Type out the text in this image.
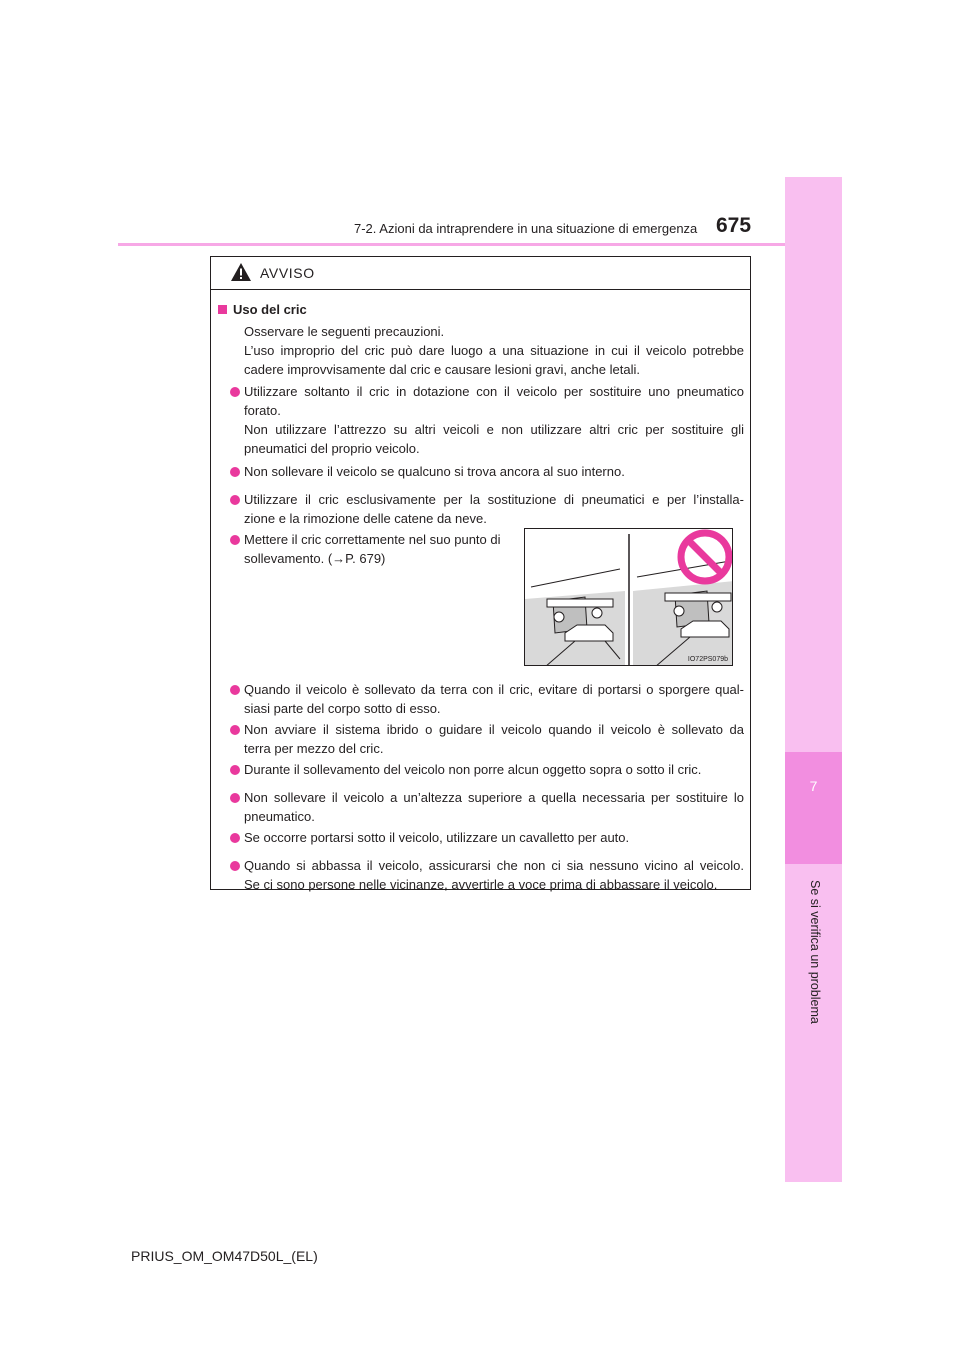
7
Se si verifica un problema
7-2. Azioni da intraprendere in una situazione di emergenza 675
AVVISO
Uso del cric
Osservare le seguenti precauzioni.
L’uso improprio del cric può dare luogo a una situazione in cui il veicolo potrebbe
cadere improvvisamente dal cric e causare lesioni gravi, anche letali.
Utilizzare soltanto il cric in dotazione con il veicolo per sostituire uno pneumatico
forato.
Non utilizzare l’attrezzo su altri veicoli e non utilizzare altri cric per sostituire gli
pneumatici del proprio veicolo.
Non sollevare il veicolo se qualcuno si trova ancora al suo interno.
Utilizzare il cric esclusivamente per la sostituzione di pneumatici e per l’installa-
zione e la rimozione delle catene da neve.
Mettere il cric correttamente nel suo punto di
sollevamento. (→P. 679)
IO72PS079b
Quando il veicolo è sollevato da terra con il cric, evitare di portarsi o sporgere qual-
siasi parte del corpo sotto di esso.
Non avviare il sistema ibrido o guidare il veicolo quando il veicolo è sollevato da
terra per mezzo del cric.
Durante il sollevamento del veicolo non porre alcun oggetto sopra o sotto il cric.
Non sollevare il veicolo a un’altezza superiore a quella necessaria per sostituire lo
pneumatico.
Se occorre portarsi sotto il veicolo, utilizzare un cavalletto per auto.
Quando si abbassa il veicolo, assicurarsi che non ci sia nessuno vicino al veicolo.
Se ci sono persone nelle vicinanze, avvertirle a voce prima di abbassare il veicolo.
PRIUS_OM_OM47D50L_(EL)
